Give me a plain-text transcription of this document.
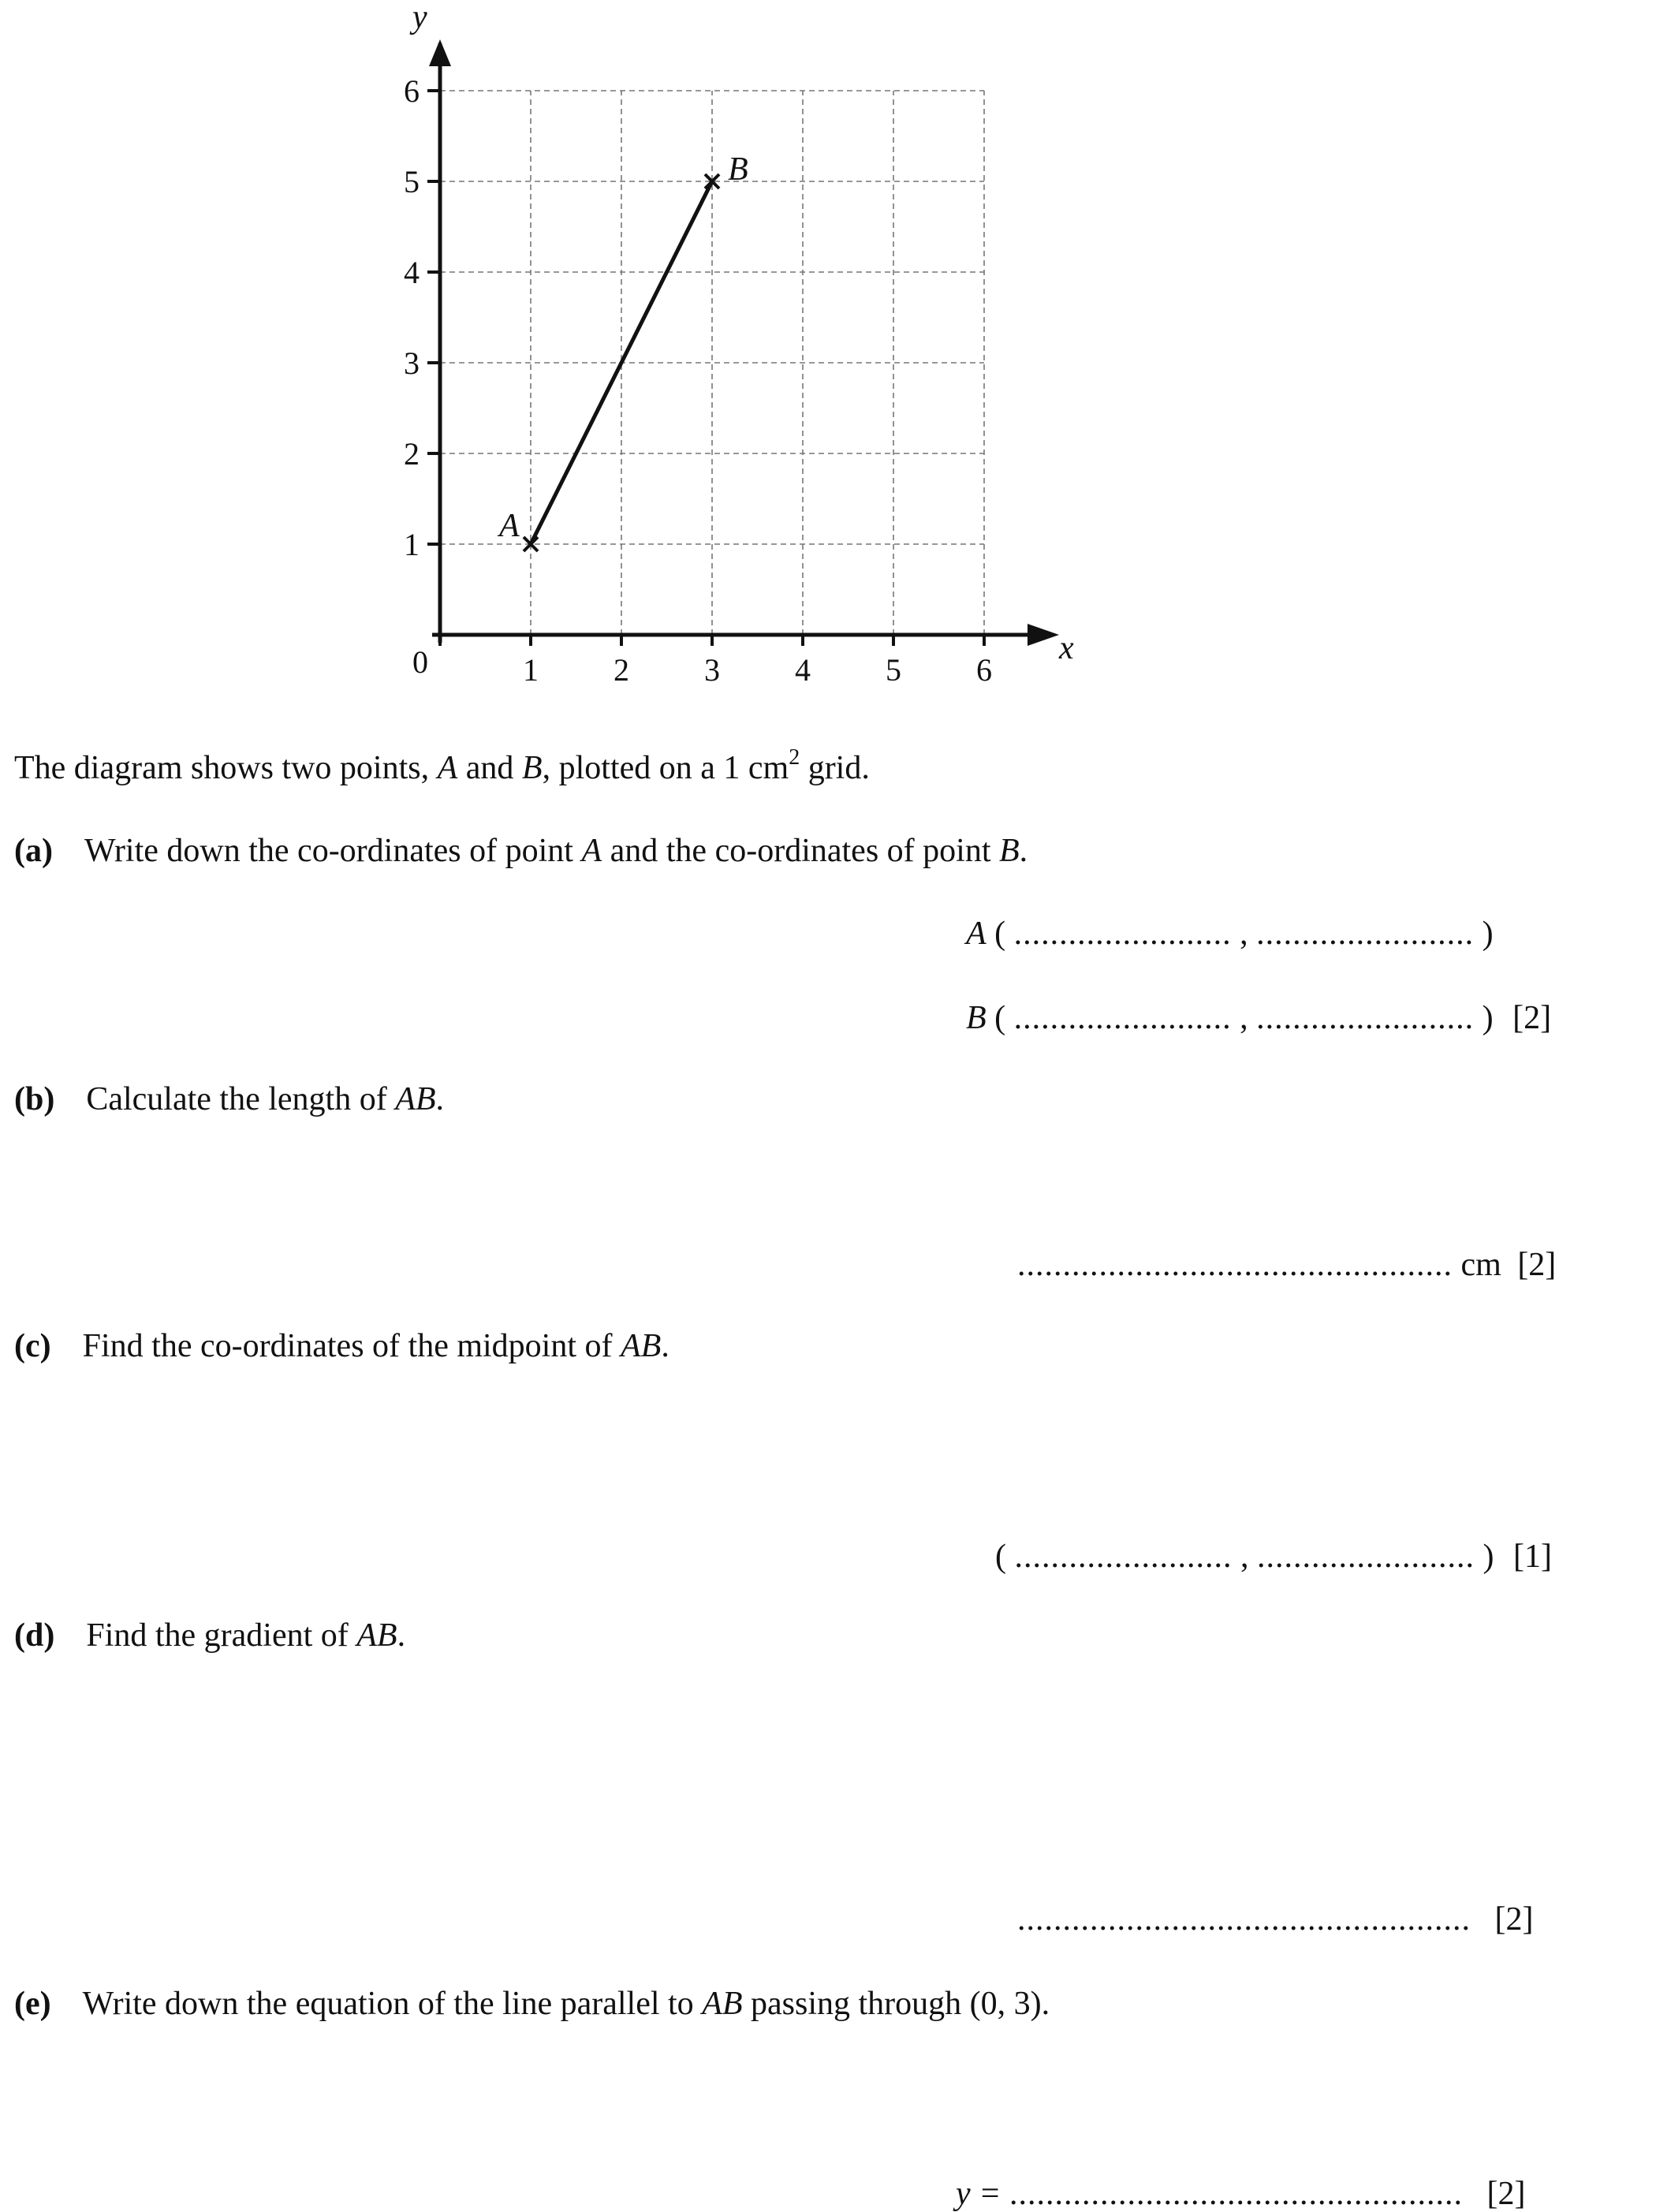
1 2 3 4 5 6
1
2
3
4
5
6
A
B
x
y
0
The diagram shows two points, A and B, plotted on a 1 $cm^2$ grid.
(a) Write down the co-ordinates of point A and the co-ordinates of point B.
A ( ........................ , ........................ )
B ( ........................ , ........................ ) [2]
(b) Calculate the length of AB.
................................................ cm [2]
(c) Find the co-ordinates of the midpoint of AB.
( ........................ , ........................ ) [1]
(d) Find the gradient of AB.
.................................................. [2]
(e) Write down the equation of the line parallel to AB passing through (0, 3).
y = .................................................. [2]
